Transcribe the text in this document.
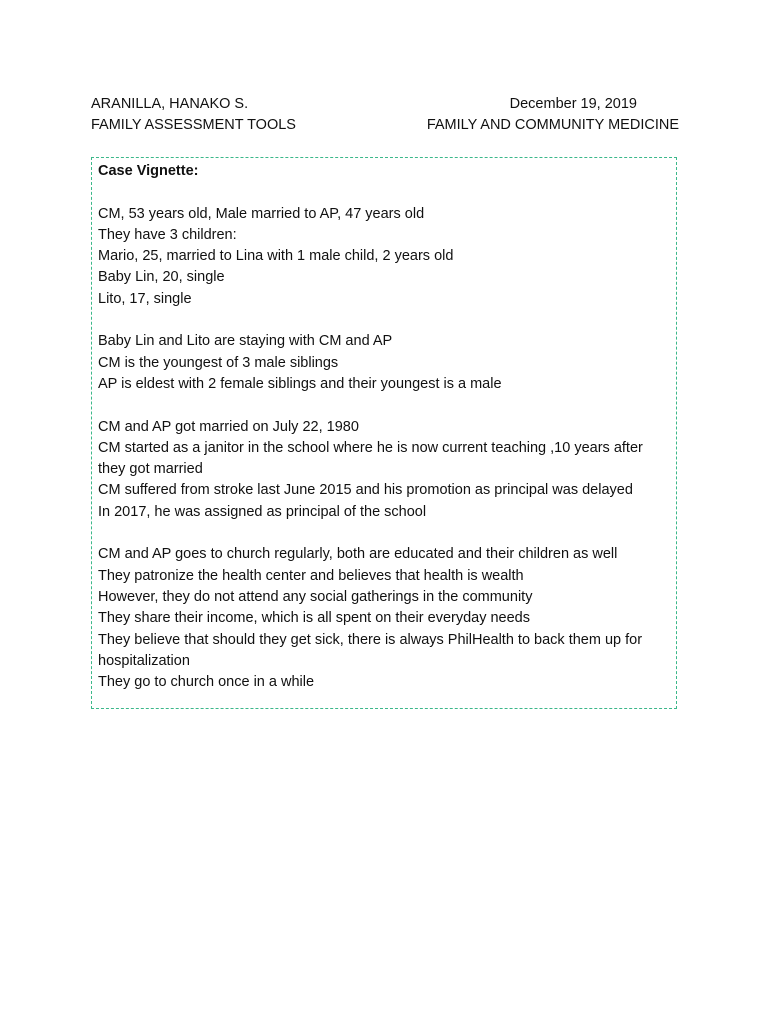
ARANILLA, HANAKO S.	December 19, 2019
FAMILY ASSESSMENT TOOLS	FAMILY AND COMMUNITY MEDICINE
Case Vignette:
CM, 53 years old, Male married to AP, 47 years old
They have 3 children:
Mario, 25, married to Lina with 1 male child, 2 years old
Baby Lin, 20, single
Lito, 17, single
Baby Lin and Lito are staying with CM and AP
CM is the youngest of 3 male siblings
AP is eldest with 2 female siblings and their youngest is a male
CM and AP got married on July 22, 1980
CM started as a janitor in the school where he is now current teaching ,10 years after they got married
CM suffered from stroke last June 2015 and his promotion as principal was delayed
In 2017, he was assigned as principal of the school
CM and AP goes to church regularly, both are educated and their children as well
They patronize the health center and believes that health is wealth
However, they do not attend any social gatherings in the community
They share their income, which is all spent on their everyday needs
They believe that should they get sick, there is always PhilHealth to back them up for hospitalization
They go to church once in a while
